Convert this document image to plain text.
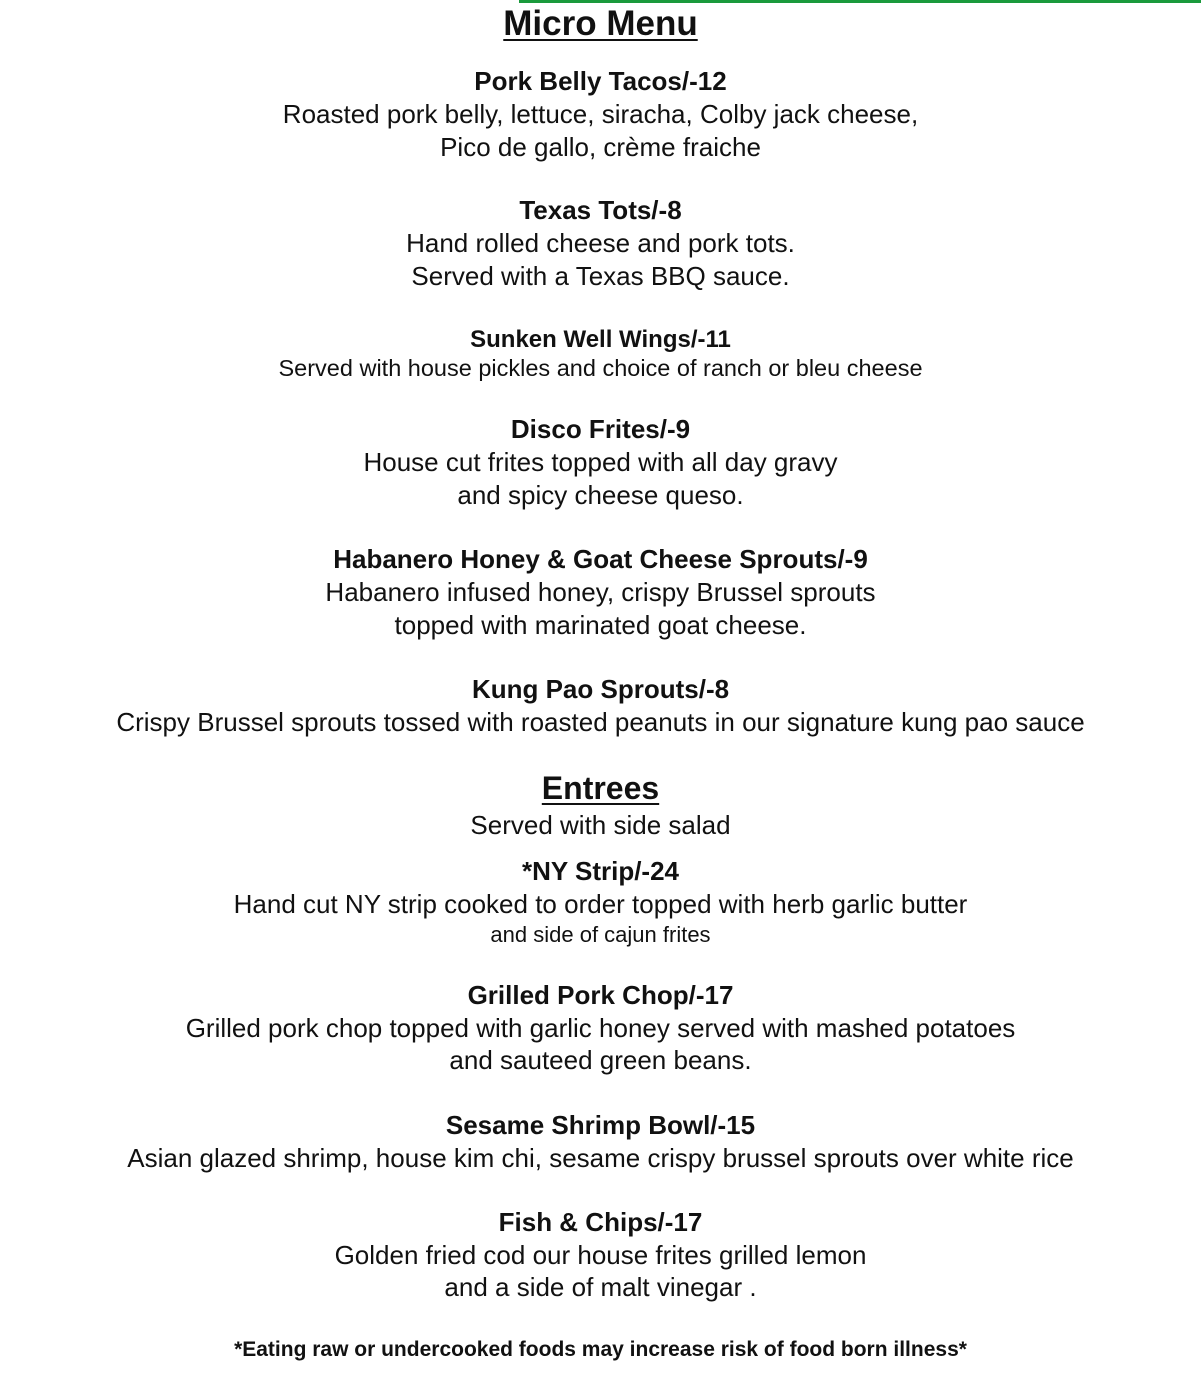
Micro Menu
Pork Belly Tacos/-12
Roasted pork belly, lettuce, siracha, Colby jack cheese,
Pico de gallo, crème fraiche
Texas Tots/-8
Hand rolled cheese and pork tots.
Served with a Texas BBQ sauce.
Sunken Well Wings/-11
Served with house pickles and choice of ranch or bleu cheese
Disco Frites/-9
House cut frites topped with all day gravy
and spicy cheese queso.
Habanero Honey & Goat Cheese Sprouts/-9
Habanero infused honey, crispy Brussel sprouts
topped with marinated goat cheese.
Kung Pao Sprouts/-8
Crispy Brussel sprouts tossed with roasted peanuts in our signature kung pao sauce
Entrees
Served with side salad
*NY Strip/-24
Hand cut NY strip cooked to order topped with herb garlic butter
and side of cajun frites
Grilled Pork Chop/-17
Grilled pork chop topped with garlic honey served with mashed potatoes
and sauteed green beans.
Sesame Shrimp Bowl/-15
Asian glazed shrimp, house kim chi, sesame crispy brussel sprouts over white rice
Fish & Chips/-17
Golden fried cod our house frites grilled lemon
and a side of malt vinegar .
*Eating raw or undercooked foods may increase risk of food born illness*
